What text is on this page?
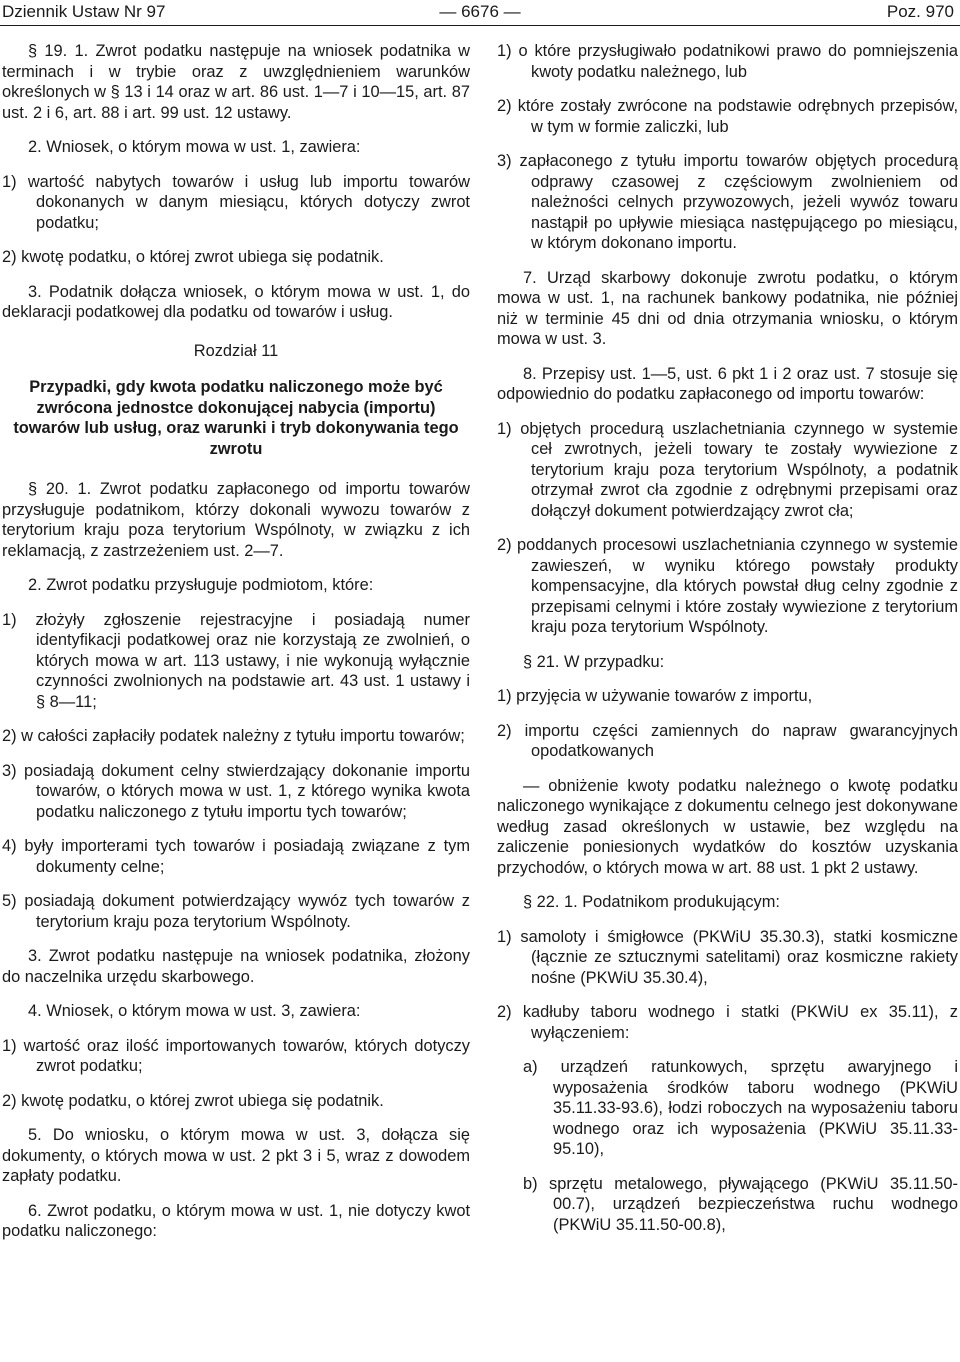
Dziennik Ustaw Nr 97	— 6676 —	Poz. 970

§ 19. 1. Zwrot podatku następuje na wniosek podatnika w terminach i w trybie oraz z uwzględnieniem warunków określonych w § 13 i 14 oraz w art. 86 ust. 1—7 i 10—15, art. 87 ust. 2 i 6, art. 88 i art. 99 ust. 12 ustawy.

2. Wniosek, o którym mowa w ust. 1, zawiera:

1) wartość nabytych towarów i usług lub importu towarów dokonanych w danym miesiącu, których dotyczy zwrot podatku;

2) kwotę podatku, o której zwrot ubiega się podatnik.

3. Podatnik dołącza wniosek, o którym mowa w ust. 1, do deklaracji podatkowej dla podatku od towarów i usług.

Rozdział 11
Przypadki, gdy kwota podatku naliczonego może być zwrócona jednostce dokonującej nabycia (importu) towarów lub usług, oraz warunki i tryb dokonywania tego zwrotu

§ 20. 1. Zwrot podatku zapłaconego od importu towarów przysługuje podatnikom, którzy dokonali wywozu towarów z terytorium kraju poza terytorium Wspólnoty, w związku z ich reklamacją, z zastrzeżeniem ust. 2—7.

2. Zwrot podatku przysługuje podmiotom, które:

1) złożyły zgłoszenie rejestracyjne i posiadają numer identyfikacji podatkowej oraz nie korzystają ze zwolnień, o których mowa w art. 113 ustawy, i nie wykonują wyłącznie czynności zwolnionych na podstawie art. 43 ust. 1 ustawy i § 8—11;

2) w całości zapłaciły podatek należny z tytułu importu towarów;

3) posiadają dokument celny stwierdzający dokonanie importu towarów, o których mowa w ust. 1, z którego wynika kwota podatku naliczonego z tytułu importu tych towarów;

4) były importerami tych towarów i posiadają związane z tym dokumenty celne;

5) posiadają dokument potwierdzający wywóz tych towarów z terytorium kraju poza terytorium Wspólnoty.

3. Zwrot podatku następuje na wniosek podatnika, złożony do naczelnika urzędu skarbowego.

4. Wniosek, o którym mowa w ust. 3, zawiera:

1) wartość oraz ilość importowanych towarów, których dotyczy zwrot podatku;

2) kwotę podatku, o której zwrot ubiega się podatnik.

5. Do wniosku, o którym mowa w ust. 3, dołącza się dokumenty, o których mowa w ust. 2 pkt 3 i 5, wraz z dowodem zapłaty podatku.

6. Zwrot podatku, o którym mowa w ust. 1, nie dotyczy kwot podatku naliczonego:

1) o które przysługiwało podatnikowi prawo do pomniejszenia kwoty podatku należnego, lub

2) które zostały zwrócone na podstawie odrębnych przepisów, w tym w formie zaliczki, lub

3) zapłaconego z tytułu importu towarów objętych procedurą odprawy czasowej z częściowym zwolnieniem od należności celnych przywozowych, jeżeli wywóz towaru nastąpił po upływie miesiąca następującego po miesiącu, w którym dokonano importu.

7. Urząd skarbowy dokonuje zwrotu podatku, o którym mowa w ust. 1, na rachunek bankowy podatnika, nie później niż w terminie 45 dni od dnia otrzymania wniosku, o którym mowa w ust. 3.

8. Przepisy ust. 1—5, ust. 6 pkt 1 i 2 oraz ust. 7 stosuje się odpowiednio do podatku zapłaconego od importu towarów:

1) objętych procedurą uszlachetniania czynnego w systemie ceł zwrotnych, jeżeli towary te zostały wywiezione z terytorium kraju poza terytorium Wspólnoty, a podatnik otrzymał zwrot cła zgodnie z odrębnymi przepisami oraz dołączył dokument potwierdzający zwrot cła;

2) poddanych procesowi uszlachetniania czynnego w systemie zawieszeń, w wyniku którego powstały produkty kompensacyjne, dla których powstał dług celny zgodnie z przepisami celnymi i które zostały wywiezione z terytorium kraju poza terytorium Wspólnoty.

§ 21. W przypadku:

1) przyjęcia w używanie towarów z importu,

2) importu części zamiennych do napraw gwarancyjnych opodatkowanych

— obniżenie kwoty podatku należnego o kwotę podatku naliczonego wynikające z dokumentu celnego jest dokonywane według zasad określonych w ustawie, bez względu na zaliczenie poniesionych wydatków do kosztów uzyskania przychodów, o których mowa w art. 88 ust. 1 pkt 2 ustawy.

§ 22. 1. Podatnikom produkującym:

1) samoloty i śmigłowce (PKWiU 35.30.3), statki kosmiczne (łącznie ze sztucznymi satelitami) oraz kosmiczne rakiety nośne (PKWiU 35.30.4),

2) kadłuby taboru wodnego i statki (PKWiU ex 35.11), z wyłączeniem:

a) urządzeń ratunkowych, sprzętu awaryjnego i wyposażenia środków taboru wodnego (PKWiU 35.11.33-93.6), łodzi roboczych na wyposażeniu taboru wodnego oraz ich wyposażenia (PKWiU 35.11.33-95.10),

b) sprzętu metalowego, pływającego (PKWiU 35.11.50-00.7), urządzeń bezpieczeństwa ruchu wodnego (PKWiU 35.11.50-00.8),
